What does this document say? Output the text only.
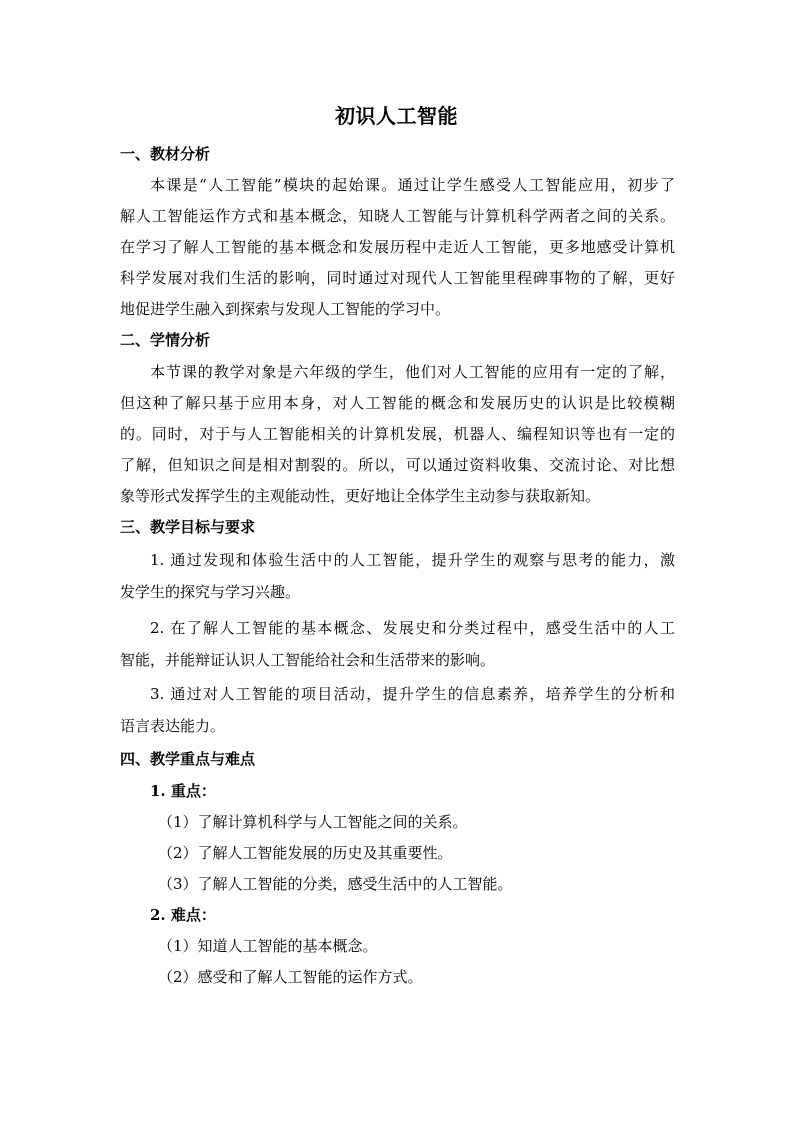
初识人工智能
一、教材分析
本课是“人工智能”模块的起始课。通过让学生感受人工智能应用，初步了
解人工智能运作方式和基本概念，知晓人工智能与计算机科学两者之间的关系。
在学习了解人工智能的基本概念和发展历程中走近人工智能，更多地感受计算机
科学发展对我们生活的影响，同时通过对现代人工智能里程碑事物的了解，更好
地促进学生融入到探索与发现人工智能的学习中。
二、学情分析
本节课的教学对象是六年级的学生，他们对人工智能的应用有一定的了解，
但这种了解只基于应用本身，对人工智能的概念和发展历史的认识是比较模糊
的。同时，对于与人工智能相关的计算机发展，机器人、编程知识等也有一定的
了解，但知识之间是相对割裂的。所以，可以通过资料收集、交流讨论、对比想
象等形式发挥学生的主观能动性，更好地让全体学生主动参与获取新知。
三、教学目标与要求
1. 通过发现和体验生活中的人工智能，提升学生的观察与思考的能力，激
发学生的探究与学习兴趣。
2. 在了解人工智能的基本概念、发展史和分类过程中，感受生活中的人工
智能，并能辩证认识人工智能给社会和生活带来的影响。
3. 通过对人工智能的项目活动，提升学生的信息素养，培养学生的分析和
语言表达能力。
四、教学重点与难点
1. 重点：
（1）了解计算机科学与人工智能之间的关系。
（2）了解人工智能发展的历史及其重要性。
（3）了解人工智能的分类，感受生活中的人工智能。
2. 难点：
（1）知道人工智能的基本概念。
（2）感受和了解人工智能的运作方式。
